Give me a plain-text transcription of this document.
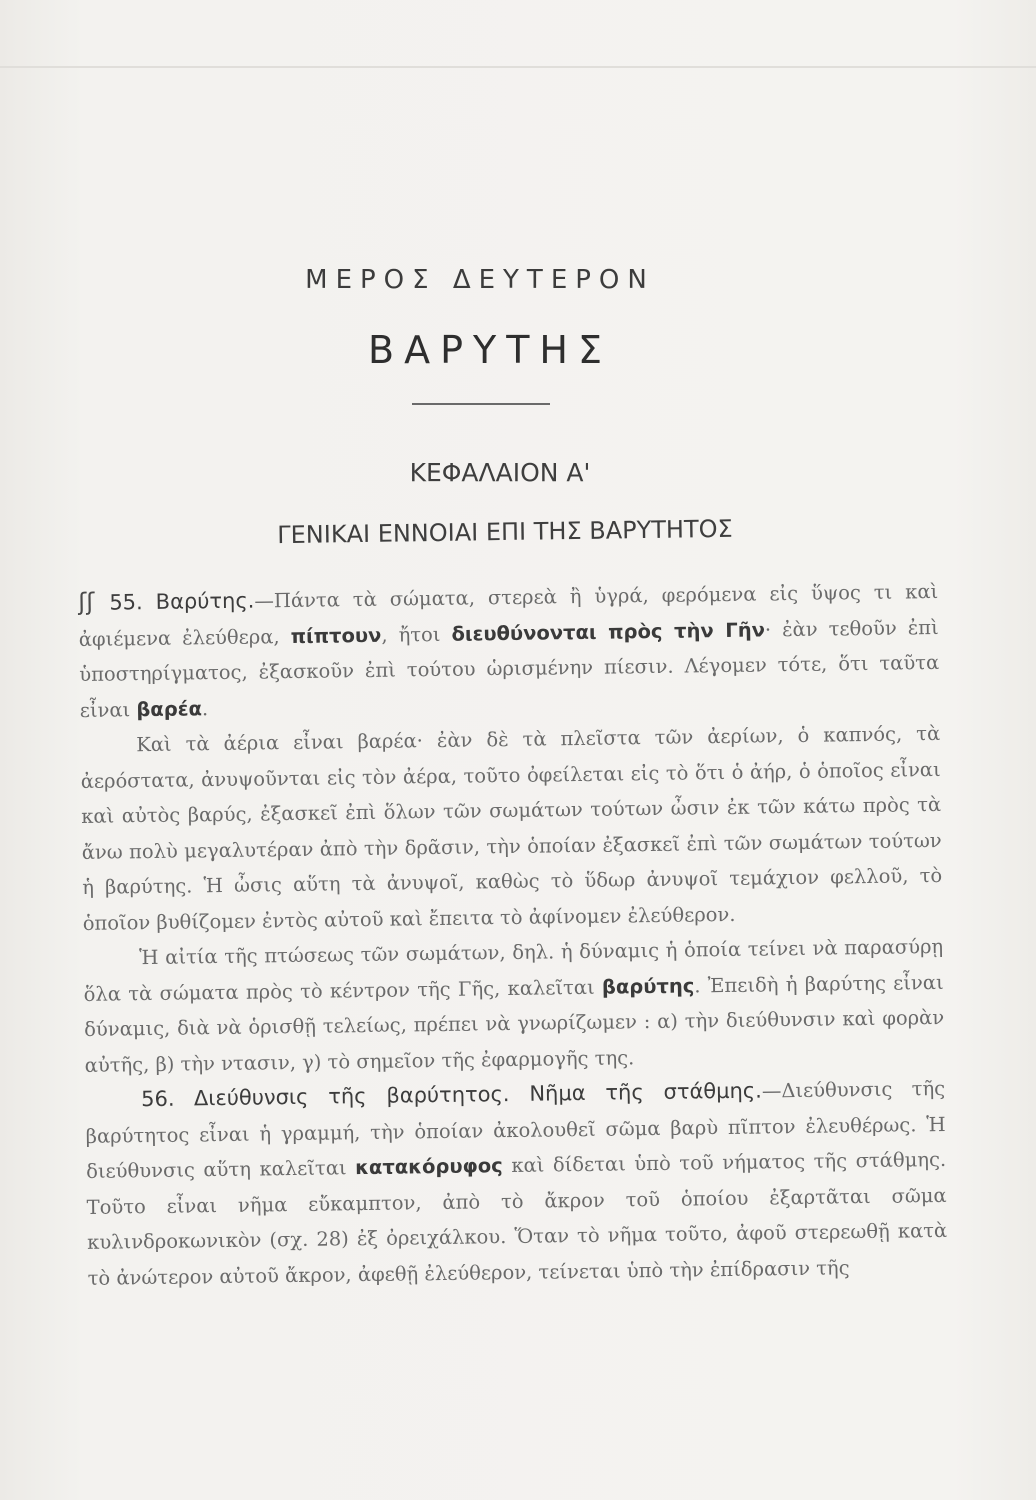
ΜΕΡΟΣ ΔΕΥΤΕΡΟΝ
ΒΑΡΥΤΗΣ
ΚΕΦΑΛΑΙΟΝ Α'
ΓΕΝΙΚΑΙ ΕΝΝΟΙΑΙ ΕΠΙ ΤΗΣ ΒΑΡΥΤΗΤΟΣ

ʃʃ 55. Βαρύτης.—Πάντα τὰ σώματα, στερεὰ ἢ ὑγρά, φερόμενα εἰς ὕψος τι καὶ ἀφιέμενα ἐλεύθερα, πίπτουν, ἤτοι διευθύνονται πρὸς τὴν Γῆν· ἐὰν τεθοῦν ἐπὶ ὑποστηρίγματος, ἐξασκοῦν ἐπὶ τούτου ὡρισμένην πίεσιν. Λέγομεν τότε, ὅτι ταῦτα εἶναι βαρέα.

Καὶ τὰ ἀέρια εἶναι βαρέα· ἐὰν δὲ τὰ πλεῖστα τῶν ἀερίων, ὁ καπνός, τὰ ἀερόστατα, ἀνυψοῦνται εἰς τὸν ἀέρα, τοῦτο ὀφείλεται εἰς τὸ ὅτι ὁ ἀήρ, ὁ ὁποῖος εἶναι καὶ αὐτὸς βαρύς, ἐξασκεῖ ἐπὶ ὅλων τῶν σωμάτων τούτων ὦσιν ἐκ τῶν κάτω πρὸς τὰ ἄνω πολὺ μεγαλυτέραν ἀπὸ τὴν δρᾶσιν, τὴν ὁποίαν ἐξασκεῖ ἐπὶ τῶν σωμάτων τούτων ἡ βαρύτης. Ἡ ὦσις αὕτη τὰ ἀνυψοῖ, καθὼς τὸ ὕδωρ ἀνυψοῖ τεμάχιον φελλοῦ, τὸ ὁποῖον βυθίζομεν ἐντὸς αὐτοῦ καὶ ἔπειτα τὸ ἀφίνομεν ἐλεύθερον.

Ἡ αἰτία τῆς πτώσεως τῶν σωμάτων, δηλ. ἡ δύναμις ἡ ὁποία τείνει νὰ παρασύρῃ ὅλα τὰ σώματα πρὸς τὸ κέντρον τῆς Γῆς, καλεῖται βαρύτης. Ἐπειδὴ ἡ βαρύτης εἶναι δύναμις, διὰ νὰ ὁρισθῇ τελείως, πρέπει νὰ γνωρίζωμεν : α) τὴν διεύθυνσιν καὶ φορὰν αὐτῆς, β) τὴν ντασιν, γ) τὸ σημεῖον τῆς ἐφαρμογῆς της.

56. Διεύθυνσις τῆς βαρύτητος. Νῆμα τῆς στάθμης.—Διεύθυνσις τῆς βαρύτητος εἶναι ἡ γραμμή, τὴν ὁποίαν ἀκολουθεῖ σῶμα βαρὺ πῖπτον ἐλευθέρως. Ἡ διεύθυνσις αὕτη καλεῖται κατακόρυφος καὶ δίδεται ὑπὸ τοῦ νήματος τῆς στάθμης. Τοῦτο εἶναι νῆμα εὔκαμπτον, ἀπὸ τὸ ἄκρον τοῦ ὁποίου ἐξαρτᾶται σῶμα κυλινδροκωνικὸν (σχ. 28) ἐξ ὀρειχάλκου. Ὅταν τὸ νῆμα τοῦτο, ἀφοῦ στερεωθῇ κατὰ τὸ ἀνώτερον αὐτοῦ ἄκρον, ἀφεθῇ ἐλεύθερον, τείνεται ὑπὸ τὴν ἐπίδρασιν τῆς
